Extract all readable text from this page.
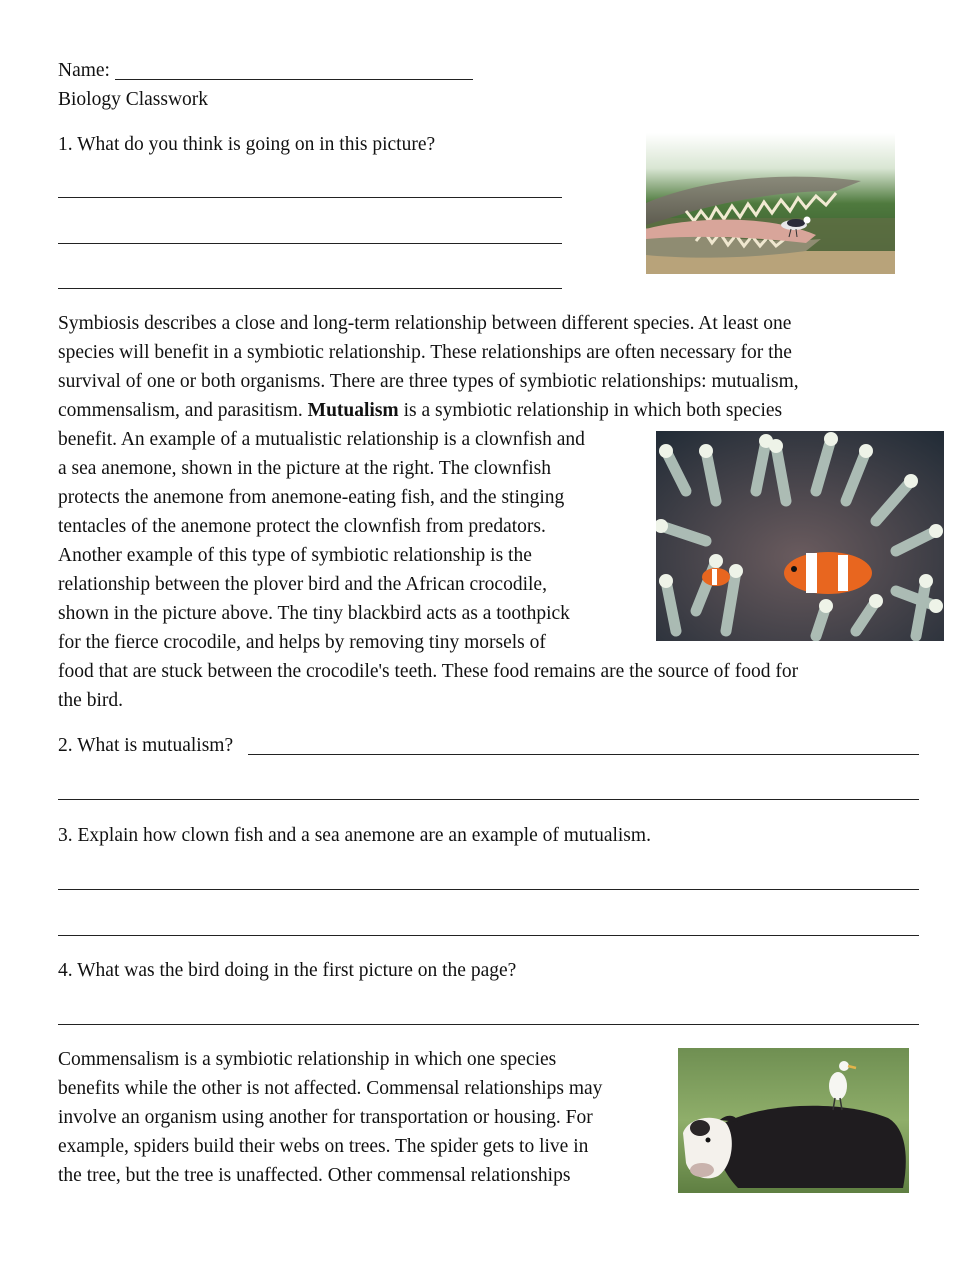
Name:

Biology Classwork

1. What do you think is going on in this picture?

Symbiosis describes a close and long-term relationship between different species. At least one

species will benefit in a symbiotic relationship. These relationships are often necessary for the

survival of one or both organisms. There are three types of symbiotic relationships: mutualism,

commensalism, and parasitism. Mutualism is a symbiotic relationship in which both species

benefit. An example of a mutualistic relationship is a clownfish and

a sea anemone, shown in the picture at the right. The clownfish

protects the anemone from anemone-eating fish, and the stinging

tentacles of the anemone protect the clownfish from predators.

Another example of this type of symbiotic relationship is the

relationship between the plover bird and the African crocodile,

shown in the picture above. The tiny blackbird acts as a toothpick

for the fierce crocodile, and helps by removing tiny morsels of

food that are stuck between the crocodile's teeth. These food remains are the source of food for

the bird.

2. What is mutualism?

3. Explain how clown fish and a sea anemone are an example of mutualism.

4. What was the bird doing in the first picture on the page?

Commensalism is a symbiotic relationship in which one species

benefits while the other is not affected. Commensal relationships may

involve an organism using another for transportation or housing. For

example, spiders build their webs on trees. The spider gets to live in

the tree, but the tree is unaffected. Other commensal relationships
